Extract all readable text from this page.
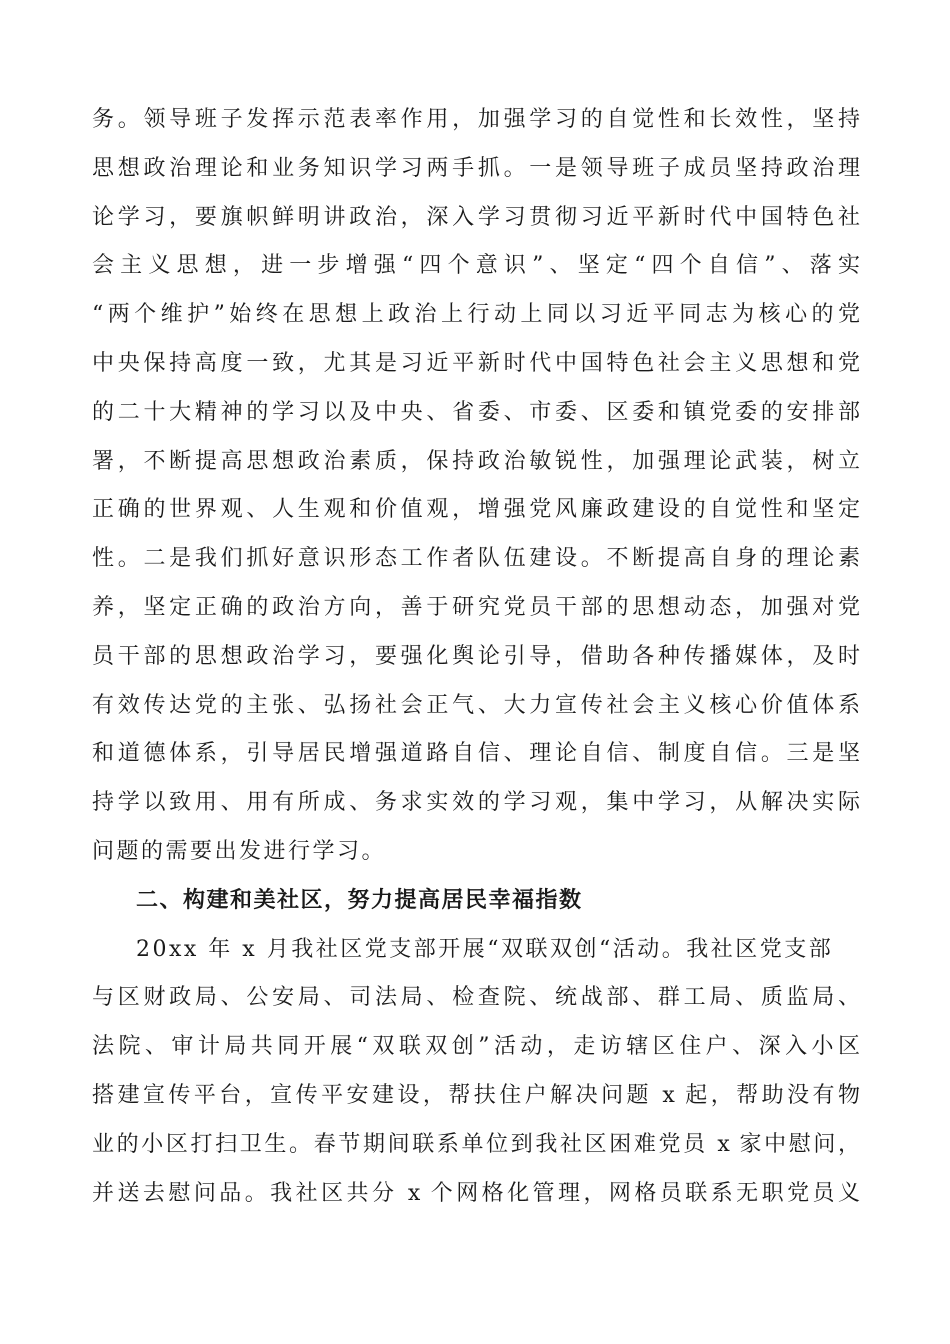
务。领导班子发挥示范表率作用，加强学习的自觉性和长效性，坚持
思想政治理论和业务知识学习两手抓。一是领导班子成员坚持政治理
论学习，要旗帜鲜明讲政治，深入学习贯彻习近平新时代中国特色社
会主义思想，进一步增强“四个意识”、坚定“四个自信”、落实
“两个维护”始终在思想上政治上行动上同以习近平同志为核心的党
中央保持高度一致，尤其是习近平新时代中国特色社会主义思想和党
的二十大精神的学习以及中央、省委、市委、区委和镇党委的安排部
署，不断提高思想政治素质，保持政治敏锐性，加强理论武装，树立
正确的世界观、人生观和价值观，增强党风廉政建设的自觉性和坚定
性。二是我们抓好意识形态工作者队伍建设。不断提高自身的理论素
养，坚定正确的政治方向，善于研究党员干部的思想动态，加强对党
员干部的思想政治学习，要强化舆论引导，借助各种传播媒体，及时
有效传达党的主张、弘扬社会正气、大力宣传社会主义核心价值体系
和道德体系，引导居民增强道路自信、理论自信、制度自信。三是坚
持学以致用、用有所成、务求实效的学习观，集中学习，从解决实际
问题的需要出发进行学习。
二、构建和美社区，努力提高居民幸福指数
20xx 年 x 月我社区党支部开展“双联双创“活动。我社区党支部
与区财政局、公安局、司法局、检查院、统战部、群工局、质监局、
法院、审计局共同开展“双联双创”活动，走访辖区住户、深入小区
搭建宣传平台，宣传平安建设，帮扶住户解决问题 x 起，帮助没有物
业的小区打扫卫生。春节期间联系单位到我社区困难党员 x 家中慰问，
并送去慰问品。我社区共分 x 个网格化管理，网格员联系无职党员义
